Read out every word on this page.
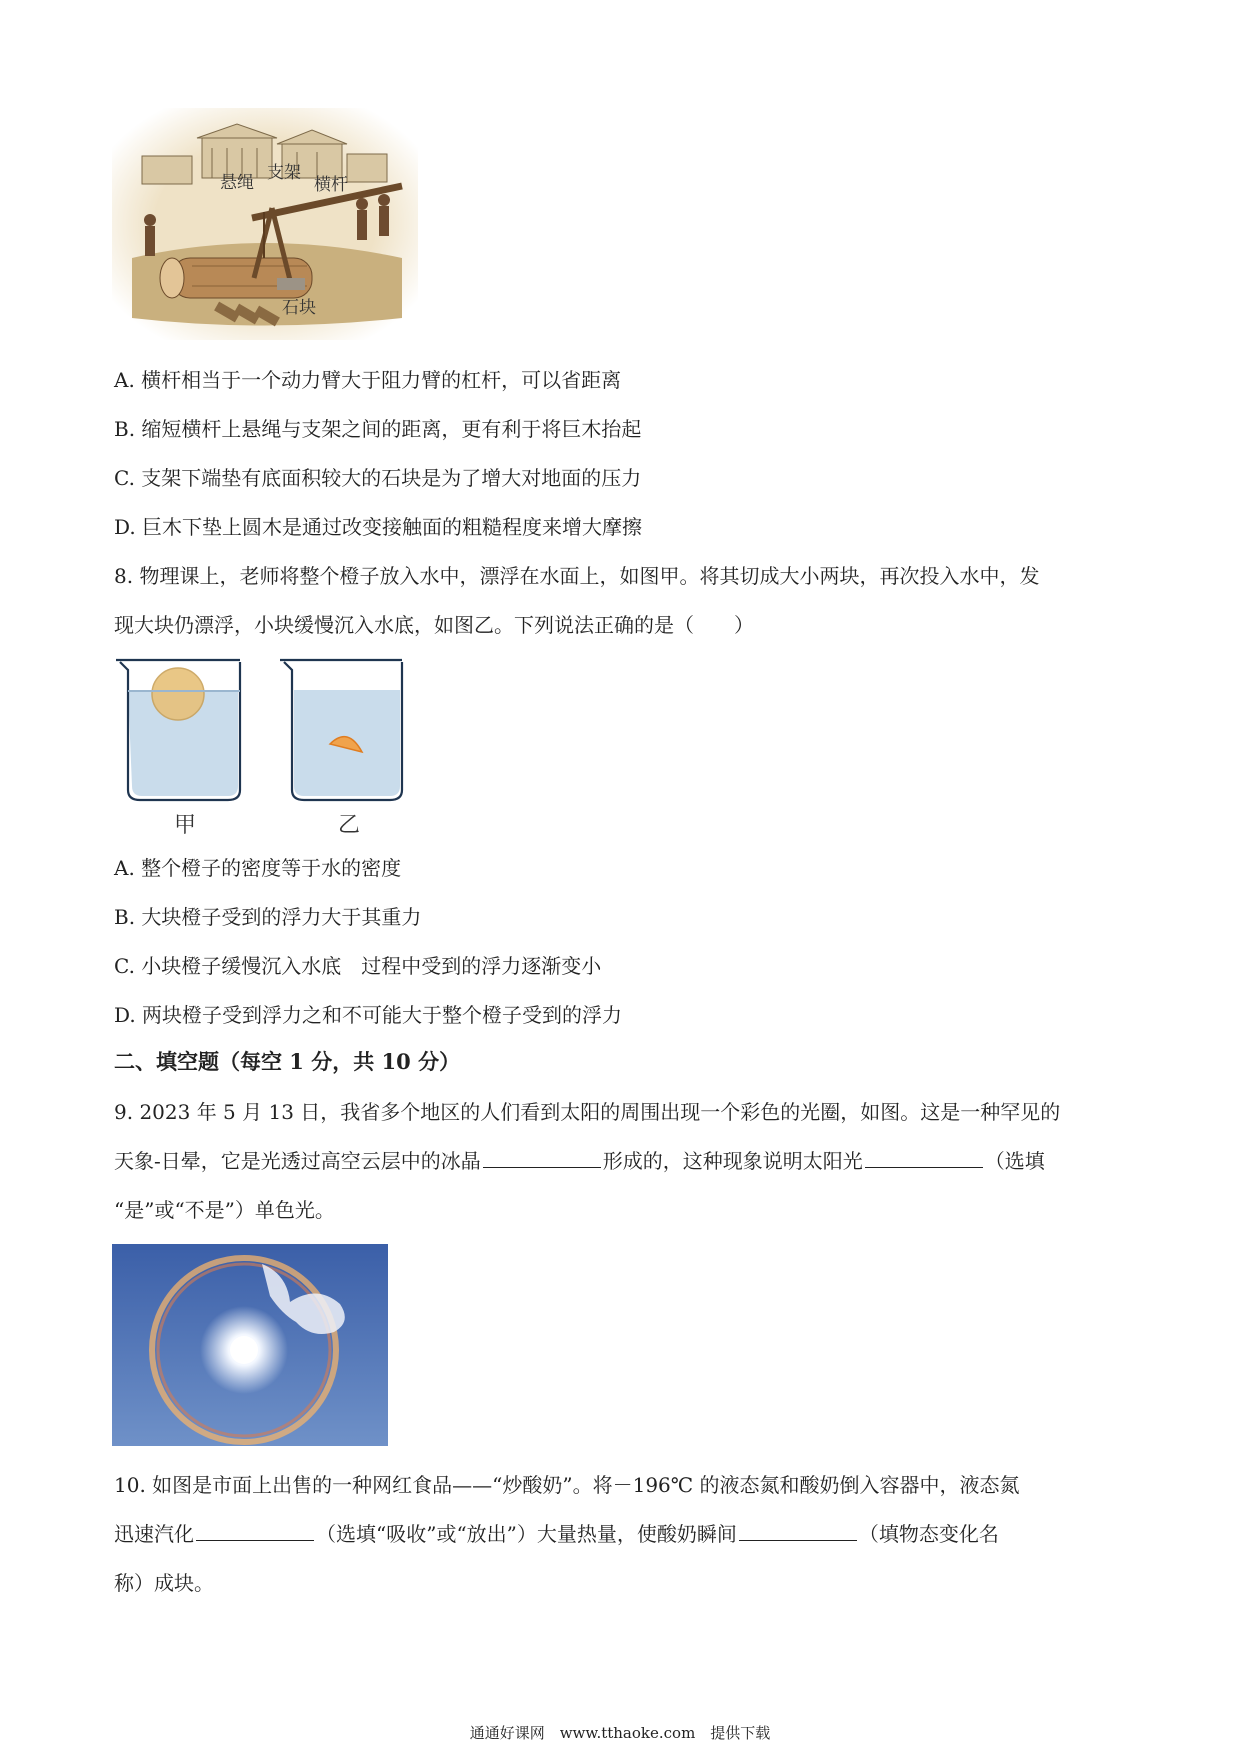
悬绳 支架
横杆
石块
A. 横杆相当于一个动力臂大于阻力臂的杠杆，可以省距离
B. 缩短横杆上悬绳与支架之间的距离，更有利于将巨木抬起
C. 支架下端垫有底面积较大的石块是为了增大对地面的压力
D. 巨木下垫上圆木是通过改变接触面的粗糙程度来增大摩擦
8. 物理课上，老师将整个橙子放入水中，漂浮在水面上，如图甲。将其切成大小两块，再次投入水中，发
现大块仍漂浮，小块缓慢沉入水底，如图乙。下列说法正确的是（　　）
甲	乙
A. 整个橙子的密度等于水的密度
B. 大块橙子受到的浮力大于其重力
C. 小块橙子缓慢沉入水底　过程中受到的浮力逐渐变小
D. 两块橙子受到浮力之和不可能大于整个橙子受到的浮力
二、填空题（每空 1 分，共 10 分）
9. 2023 年 5 月 13 日，我省多个地区的人们看到太阳的周围出现一个彩色的光圈，如图。这是一种罕见的
天象-日晕，它是光透过高空云层中的冰晶	形成的，这种现象说明太阳光	（选填
“是”或“不是”）单色光。
10. 如图是市面上出售的一种网红食品——“炒酸奶”。将－196℃ 的液态氮和酸奶倒入容器中，液态氮
迅速汽化	（选填“吸收”或“放出”）大量热量，使酸奶瞬间	（填物态变化名
称）成块。
通通好课网　www.tthaoke.com　提供下载
